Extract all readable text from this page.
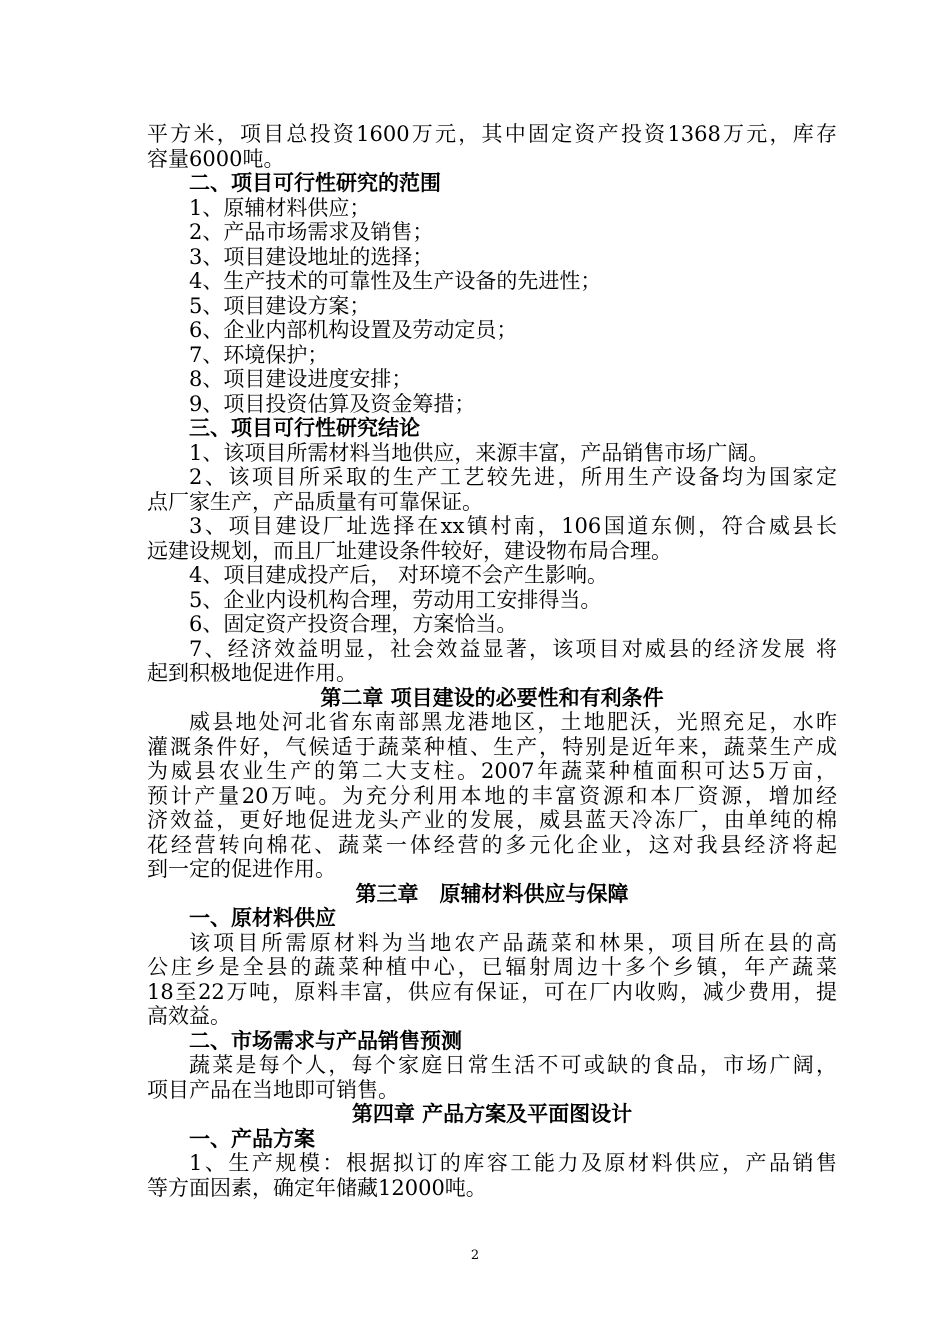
平方米，项目总投资1600万元，其中固定资产投资1368万元，库存
容量6000吨。
二、项目可行性研究的范围
1、原辅材料供应；
2、产品市场需求及销售；
3、项目建设地址的选择；
4、生产技术的可靠性及生产设备的先进性；
5、项目建设方案；
6、企业内部机构设置及劳动定员；
7、环境保护；
8、项目建设进度安排；
9、项目投资估算及资金筹措；
三、项目可行性研究结论
1、该项目所需材料当地供应，来源丰富，产品销售市场广阔。
2、该项目所采取的生产工艺较先进，所用生产设备均为国家定
点厂家生产，产品质量有可靠保证。
3、项目建设厂址选择在xx镇村南，106国道东侧，符合威县长
远建设规划，而且厂址建设条件较好，建设物布局合理。
4、项目建成投产后， 对环境不会产生影响。
5、企业内设机构合理，劳动用工安排得当。
6、固定资产投资合理，方案恰当。
7、经济效益明显，社会效益显著，该项目对威县的经济发展 将
起到积极地促进作用。
第二章 项目建设的必要性和有利条件
威县地处河北省东南部黑龙港地区，土地肥沃，光照充足，水昨
灌溉条件好，气候适于蔬菜种植、生产，特别是近年来，蔬菜生产成
为威县农业生产的第二大支柱。2007年蔬菜种植面积可达5万亩，
预计产量20万吨。为充分利用本地的丰富资源和本厂资源，增加经
济效益，更好地促进龙头产业的发展，威县蓝天冷冻厂，由单纯的棉
花经营转向棉花、蔬菜一体经营的多元化企业，这对我县经济将起
到一定的促进作用。
第三章　原辅材料供应与保障
一、原材料供应
该项目所需原材料为当地农产品蔬菜和林果，项目所在县的高
公庄乡是全县的蔬菜种植中心，已辐射周边十多个乡镇，年产蔬菜
18至22万吨，原料丰富，供应有保证，可在厂内收购，减少费用，提
高效益。
二、市场需求与产品销售预测
蔬菜是每个人，每个家庭日常生活不可或缺的食品，市场广阔，
项目产品在当地即可销售。
第四章 产品方案及平面图设计
一、产品方案
1、生产规模：根据拟订的库容工能力及原材料供应，产品销售
等方面因素，确定年储藏12000吨。
2
